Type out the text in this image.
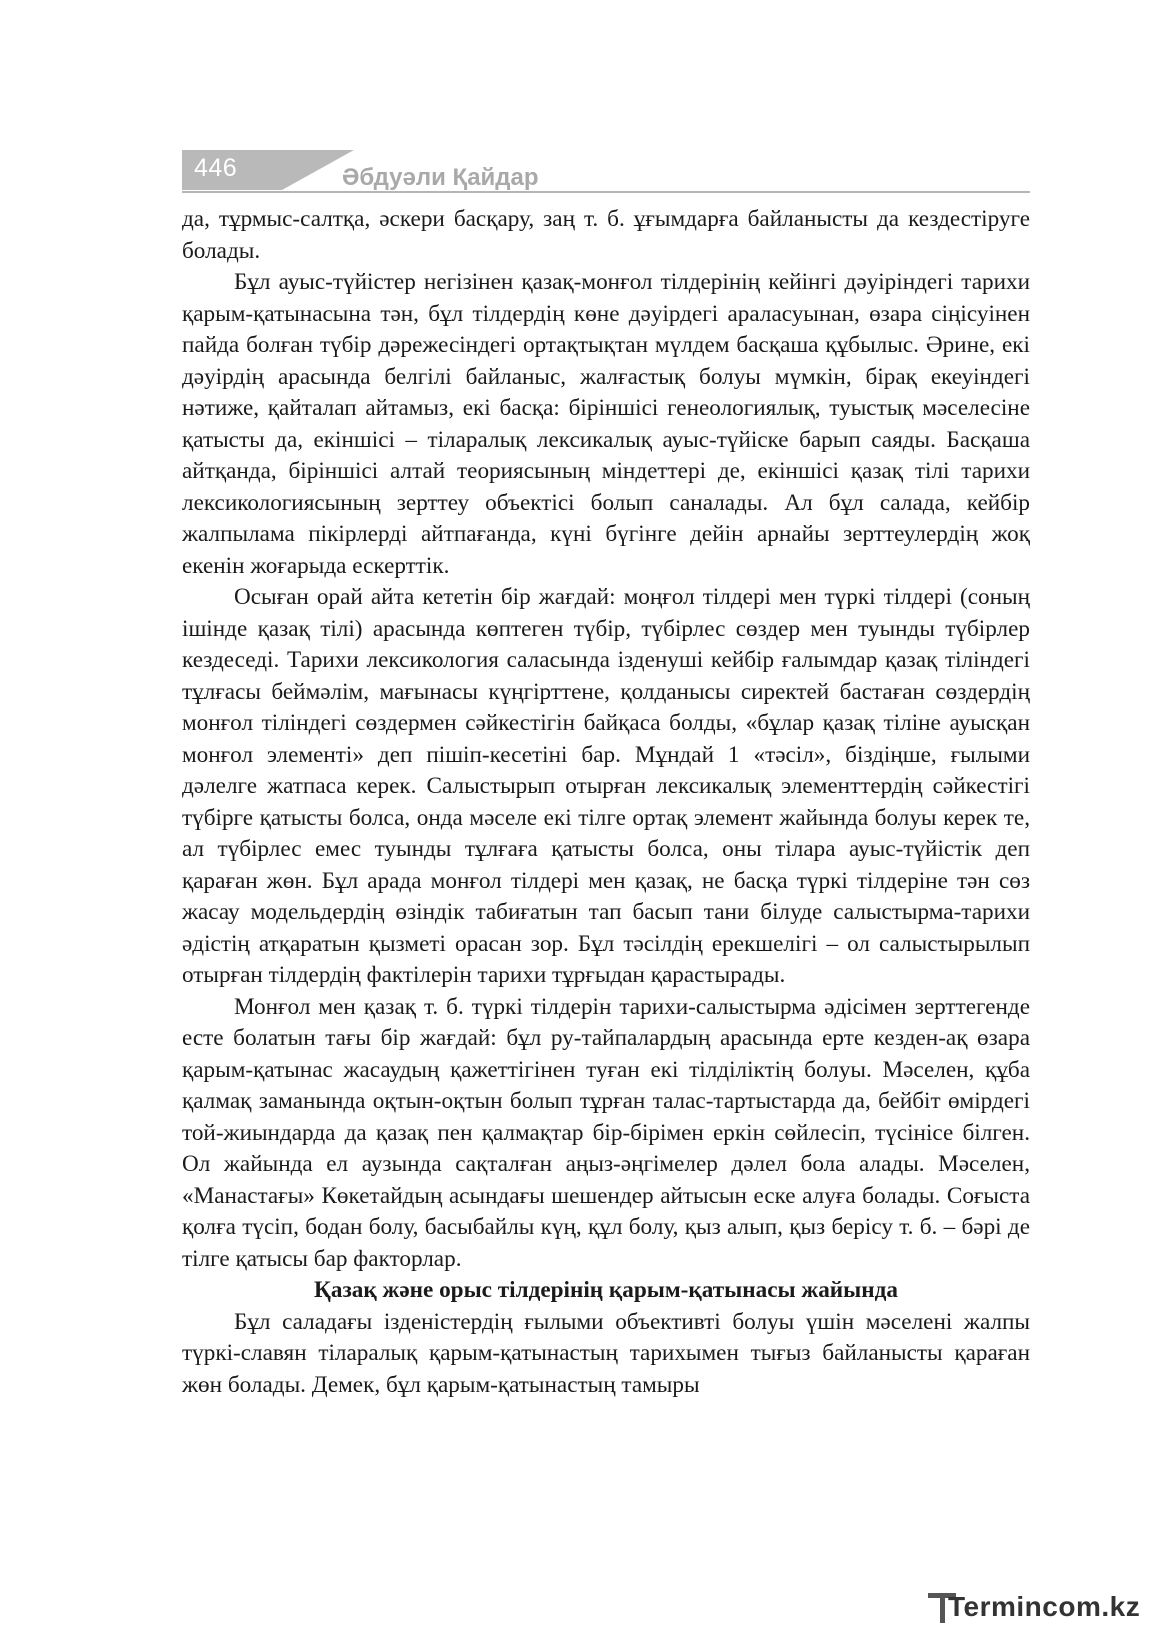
446	Әбдуәли Қайдар

да, тұрмыс-салтқа, әскери басқару, заң т. б. ұғымдарға байланысты да кездестіруге болады.

Бұл ауыс-түйістер негізінен қазақ-монғол тілдерінің кейінгі дәуіріндегі тарихи қарым-қатынасына тән, бұл тілдердің көне дәуірдегі араласуынан, өзара сіңісуінен пайда болған түбір дәрежесіндегі ортақтықтан мүлдем басқаша құбылыс. Әрине, екі дәуірдің арасында белгілі байланыс, жалғастық болуы мүмкін, бірақ екеуіндегі нәтиже, қайталап айтамыз, екі басқа: біріншісі генеологиялық, туыстық мәселесіне қатысты да, екіншісі – тіларалық лексикалық ауыс-түйіске барып саяды. Басқаша айтқанда, біріншісі алтай теориясының міндеттері де, екіншісі қазақ тілі тарихи лексикологиясының зерттеу объектісі болып саналады. Ал бұл салада, кейбір жалпылама пікірлерді айтпағанда, күні бүгінге дейін арнайы зерттеулердің жоқ екенін жоғарыда ескерттік.

Осыған орай айта кететін бір жағдай: моңғол тілдері мен түркі тілдері (соның ішінде қазақ тілі) арасында көптеген түбір, түбірлес сөздер мен туынды түбірлер кездеседі. Тарихи лексикология саласында ізденуші кейбір ғалымдар қазақ тіліндегі тұлғасы беймәлім, мағынасы күңгірттене, қолданысы сиректей бастаған сөздердің монғол тіліндегі сөздермен сәйкестігін байқаса болды, «бұлар қазақ тіліне ауысқан монғол элементі» деп пішіп-кесетіні бар. Мұндай 1 «тәсіл», біздіңше, ғылыми дәлелге жатпаса керек. Салыстырып отырған лексикалық элементтердің сәйкестігі түбірге қатысты болса, онда мәселе екі тілге ортақ элемент жайында болуы керек те, ал түбірлес емес туынды тұлғаға қатысты болса, оны тілара ауыс-түйістік деп қараған жөн. Бұл арада монғол тілдері мен қазақ, не басқа түркі тілдеріне тән сөз жасау модельдердің өзіндік табиғатын тап басып тани білуде салыстырма-тарихи әдістің атқаратын қызметі орасан зор. Бұл тәсілдің ерекшелігі – ол салыстырылып отырған тілдердің фактілерін тарихи тұрғыдан қарастырады.

Монғол мен қазақ т. б. түркі тілдерін тарихи-салыстырма әдісімен зерттегенде есте болатын тағы бір жағдай: бұл ру-тайпалардың арасында ерте кезден-ақ өзара қарым-қатынас жасаудың қажеттігінен туған екі тілділіктің болуы. Мәселен, құба қалмақ заманында оқтын-оқтын болып тұрған талас-тартыстарда да, бейбіт өмірдегі той-жиындарда да қазақ пен қалмақтар бір-бірімен еркін сөйлесіп, түсінісе білген. Ол жайында ел аузында сақталған аңыз-әңгімелер дәлел бола алады. Мәселен, «Манастағы» Көкетайдың асындағы шешендер айтысын еске алуға болады. Соғыста қолға түсіп, бодан болу, басыбайлы күң, құл болу, қыз алып, қыз берісу т. б. – бәрі де тілге қатысы бар факторлар.

Қазақ және орыс тілдерінің қарым-қатынасы жайында

Бұл саладағы ізденістердің ғылыми объективті болуы үшін мәселені жалпы түркі-славян тіларалық қарым-қатынастың тарихымен тығыз байланысты қараған жөн болады. Демек, бұл қарым-қатынастың тамыры

Termincom.kz
